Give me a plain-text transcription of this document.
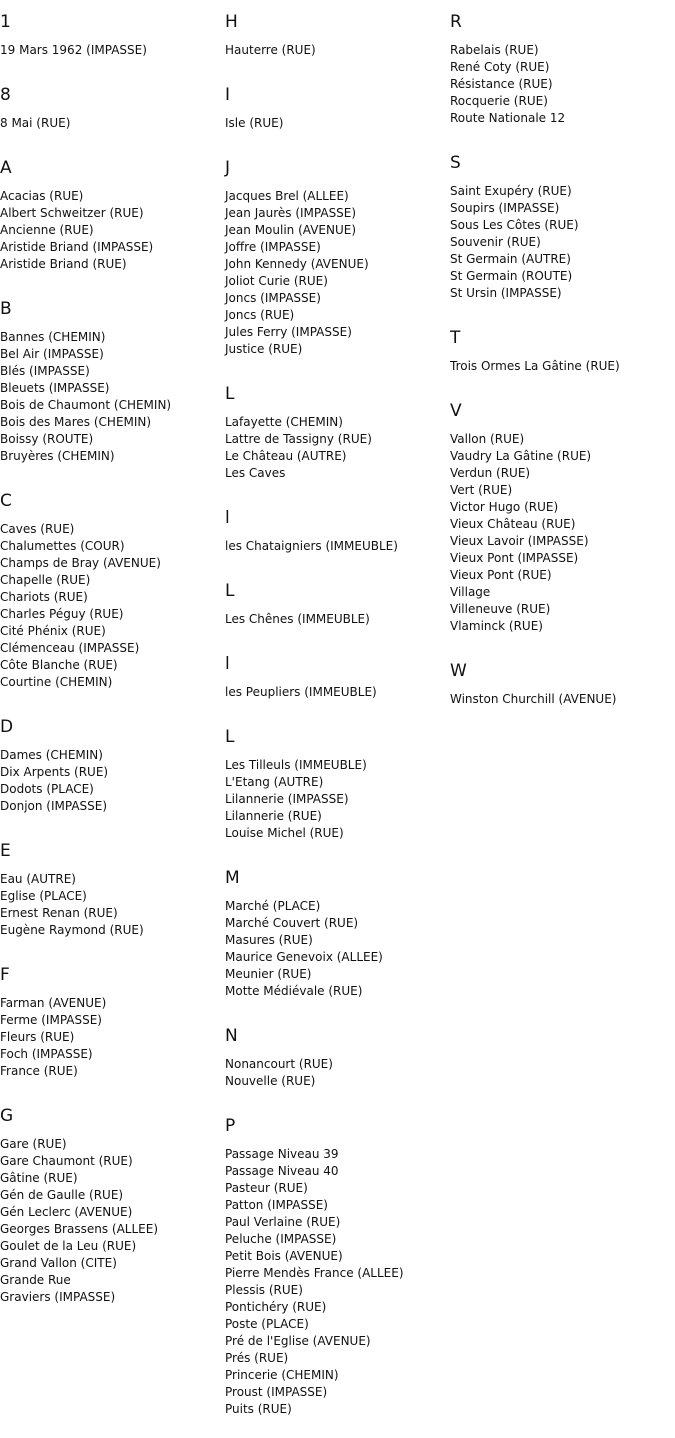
1
19 Mars 1962 (IMPASSE)
8
8 Mai (RUE)
A
Acacias (RUE)
Albert Schweitzer (RUE)
Ancienne (RUE)
Aristide Briand (IMPASSE)
Aristide Briand (RUE)
B
Bannes (CHEMIN)
Bel Air (IMPASSE)
Blés (IMPASSE)
Bleuets (IMPASSE)
Bois de Chaumont (CHEMIN)
Bois des Mares (CHEMIN)
Boissy (ROUTE)
Bruyères (CHEMIN)
C
Caves (RUE)
Chalumettes (COUR)
Champs de Bray (AVENUE)
Chapelle (RUE)
Chariots (RUE)
Charles Péguy (RUE)
Cité Phénix (RUE)
Clémenceau (IMPASSE)
Côte Blanche (RUE)
Courtine (CHEMIN)
D
Dames (CHEMIN)
Dix Arpents (RUE)
Dodots (PLACE)
Donjon (IMPASSE)
E
Eau (AUTRE)
Eglise (PLACE)
Ernest Renan (RUE)
Eugène Raymond (RUE)
F
Farman (AVENUE)
Ferme (IMPASSE)
Fleurs (RUE)
Foch (IMPASSE)
France (RUE)
G
Gare (RUE)
Gare Chaumont (RUE)
Gâtine (RUE)
Gén de Gaulle (RUE)
Gén Leclerc (AVENUE)
Georges Brassens (ALLEE)
Goulet de la Leu (RUE)
Grand Vallon (CITE)
Grande Rue
Graviers (IMPASSE)
H
Hauterre (RUE)
I
Isle (RUE)
J
Jacques Brel (ALLEE)
Jean Jaurès (IMPASSE)
Jean Moulin (AVENUE)
Joffre (IMPASSE)
John Kennedy (AVENUE)
Joliot Curie (RUE)
Joncs (IMPASSE)
Joncs (RUE)
Jules Ferry (IMPASSE)
Justice (RUE)
L
Lafayette (CHEMIN)
Lattre de Tassigny (RUE)
Le Château (AUTRE)
Les Caves
l
les Chataigniers (IMMEUBLE)
L
Les Chênes (IMMEUBLE)
l
les Peupliers (IMMEUBLE)
L
Les Tilleuls (IMMEUBLE)
L'Etang (AUTRE)
Lilannerie (IMPASSE)
Lilannerie (RUE)
Louise Michel (RUE)
M
Marché (PLACE)
Marché Couvert (RUE)
Masures (RUE)
Maurice Genevoix (ALLEE)
Meunier (RUE)
Motte Médiévale (RUE)
N
Nonancourt (RUE)
Nouvelle (RUE)
P
Passage Niveau 39
Passage Niveau 40
Pasteur (RUE)
Patton (IMPASSE)
Paul Verlaine (RUE)
Peluche (IMPASSE)
Petit Bois (AVENUE)
Pierre Mendès France (ALLEE)
Plessis (RUE)
Pontichéry (RUE)
Poste (PLACE)
Pré de l'Eglise (AVENUE)
Prés (RUE)
Princerie (CHEMIN)
Proust (IMPASSE)
Puits (RUE)
R
Rabelais (RUE)
René Coty (RUE)
Résistance (RUE)
Rocquerie (RUE)
Route Nationale 12
S
Saint Exupéry (RUE)
Soupirs (IMPASSE)
Sous Les Côtes (RUE)
Souvenir (RUE)
St Germain (AUTRE)
St Germain (ROUTE)
St Ursin (IMPASSE)
T
Trois Ormes La Gâtine (RUE)
V
Vallon (RUE)
Vaudry La Gâtine (RUE)
Verdun (RUE)
Vert (RUE)
Victor Hugo (RUE)
Vieux Château (RUE)
Vieux Lavoir (IMPASSE)
Vieux Pont (IMPASSE)
Vieux Pont (RUE)
Village
Villeneuve (RUE)
Vlaminck (RUE)
W
Winston Churchill (AVENUE)
